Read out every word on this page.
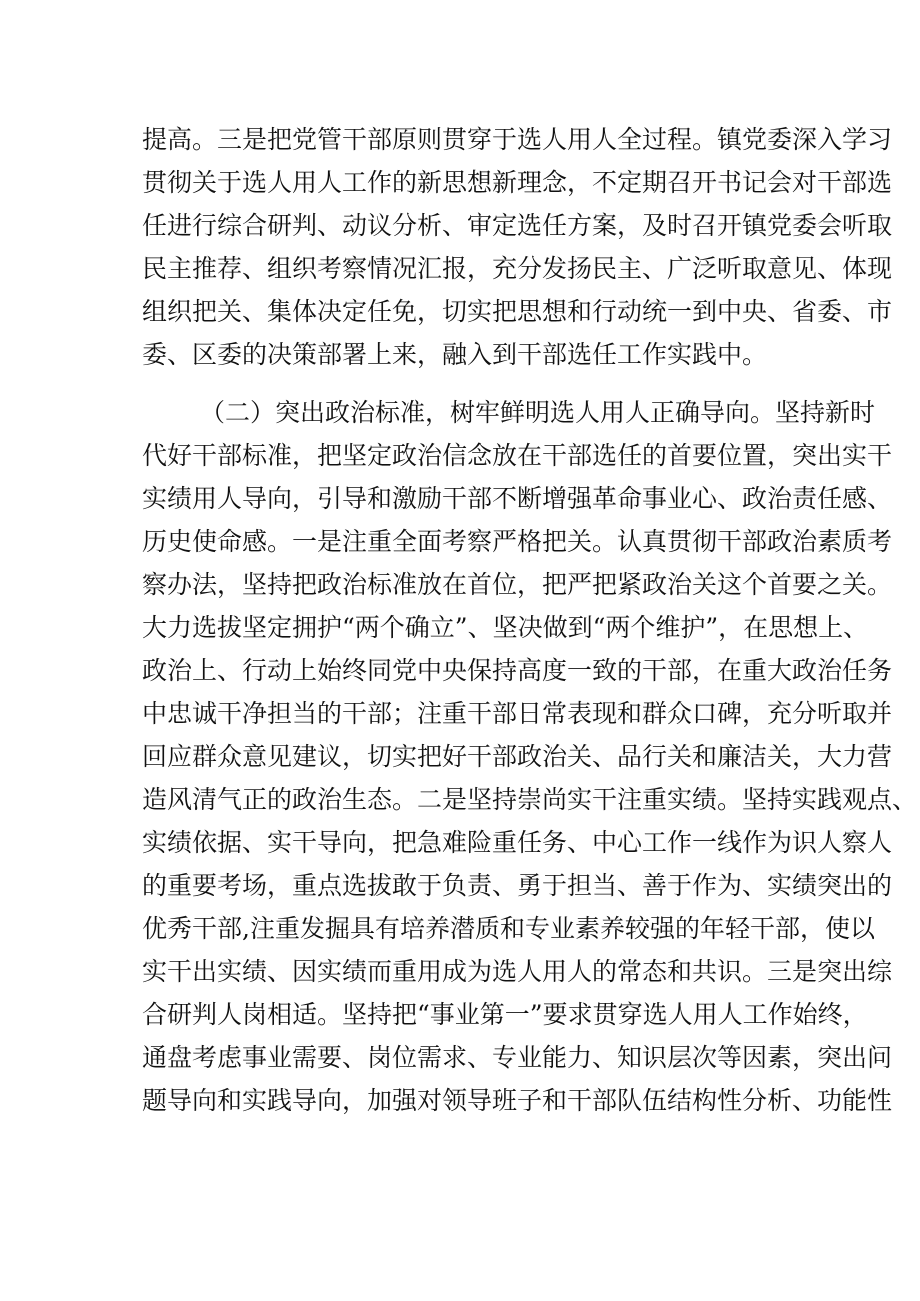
提高。三是把党管干部原则贯穿于选人用人全过程。镇党委深入学习
贯彻关于选人用人工作的新思想新理念，不定期召开书记会对干部选
任进行综合研判、动议分析、审定选任方案，及时召开镇党委会听取
民主推荐、组织考察情况汇报，充分发扬民主、广泛听取意见、体现
组织把关、集体决定任免，切实把思想和行动统一到中央、省委、市
委、区委的决策部署上来，融入到干部选任工作实践中。
（二）突出政治标准，树牢鲜明选人用人正确导向。坚持新时
代好干部标准，把坚定政治信念放在干部选任的首要位置，突出实干
实绩用人导向，引导和激励干部不断增强革命事业心、政治责任感、
历史使命感。一是注重全面考察严格把关。认真贯彻干部政治素质考
察办法，坚持把政治标准放在首位，把严把紧政治关这个首要之关。
大力选拔坚定拥护“两个确立”、坚决做到“两个维护”，在思想上、
政治上、行动上始终同党中央保持高度一致的干部，在重大政治任务
中忠诚干净担当的干部；注重干部日常表现和群众口碑，充分听取并
回应群众意见建议，切实把好干部政治关、品行关和廉洁关，大力营
造风清气正的政治生态。二是坚持崇尚实干注重实绩。坚持实践观点、
实绩依据、实干导向，把急难险重任务、中心工作一线作为识人察人
的重要考场，重点选拔敢于负责、勇于担当、善于作为、实绩突出的
优秀干部,注重发掘具有培养潜质和专业素养较强的年轻干部，使以
实干出实绩、因实绩而重用成为选人用人的常态和共识。三是突出综
合研判人岗相适。坚持把“事业第一”要求贯穿选人用人工作始终，
通盘考虑事业需要、岗位需求、专业能力、知识层次等因素，突出问
题导向和实践导向，加强对领导班子和干部队伍结构性分析、功能性
